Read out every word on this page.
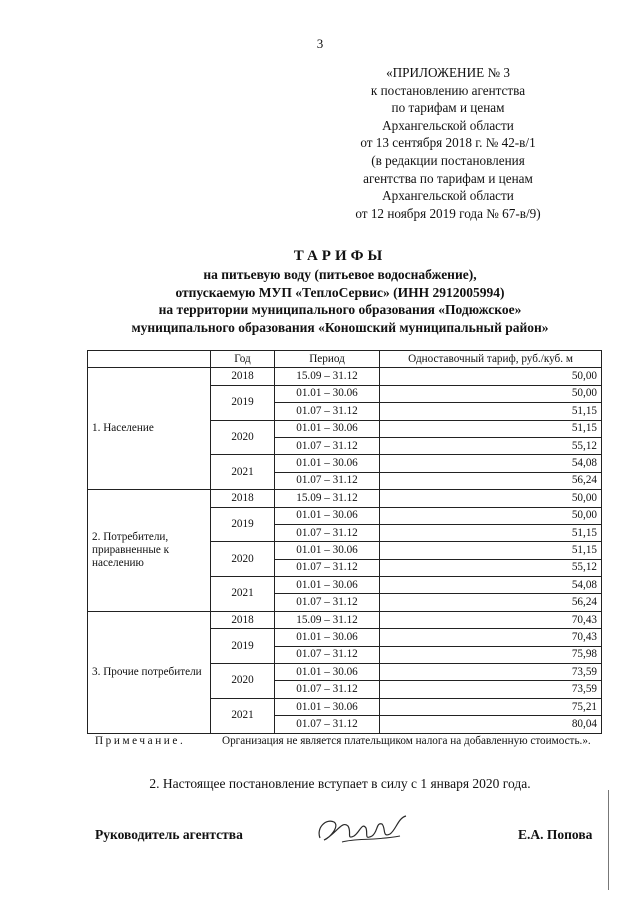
3
«ПРИЛОЖЕНИЕ № 3
к постановлению агентства
по тарифам и ценам
Архангельской области
от 13 сентября 2018 г. № 42-в/1
(в редакции постановления
агентства по тарифам и ценам
Архангельской области
от 12 ноября 2019 года № 67-в/9)
ТАРИФЫ
на питьевую воду (питьевое водоснабжение),
отпускаемую МУП «ТеплоСервис» (ИНН 2912005994)
на территории муниципального образования «Подюжское»
муниципального образования «Коношский муниципальный район»
	Год	Период	Одноставочный тариф, руб./куб. м
1. Население	2018	15.09 – 31.12	50,00
	2019	01.01 – 30.06	50,00
		01.07 – 31.12	51,15
	2020	01.01 – 30.06	51,15
		01.07 – 31.12	55,12
	2021	01.01 – 30.06	54,08
		01.07 – 31.12	56,24
2. Потребители, приравненные к населению	2018	15.09 – 31.12	50,00
	2019	01.01 – 30.06	50,00
		01.07 – 31.12	51,15
	2020	01.01 – 30.06	51,15
		01.07 – 31.12	55,12
	2021	01.01 – 30.06	54,08
		01.07 – 31.12	56,24
3. Прочие потребители	2018	15.09 – 31.12	70,43
	2019	01.01 – 30.06	70,43
		01.07 – 31.12	75,98
	2020	01.01 – 30.06	73,59
		01.07 – 31.12	73,59
	2021	01.01 – 30.06	75,21
		01.07 – 31.12	80,04
Примечание.	Организация не является плательщиком налога на добавленную стоимость.».
2. Настоящее постановление вступает в силу с 1 января 2020 года.
Руководитель агентства	Е.А. Попова
